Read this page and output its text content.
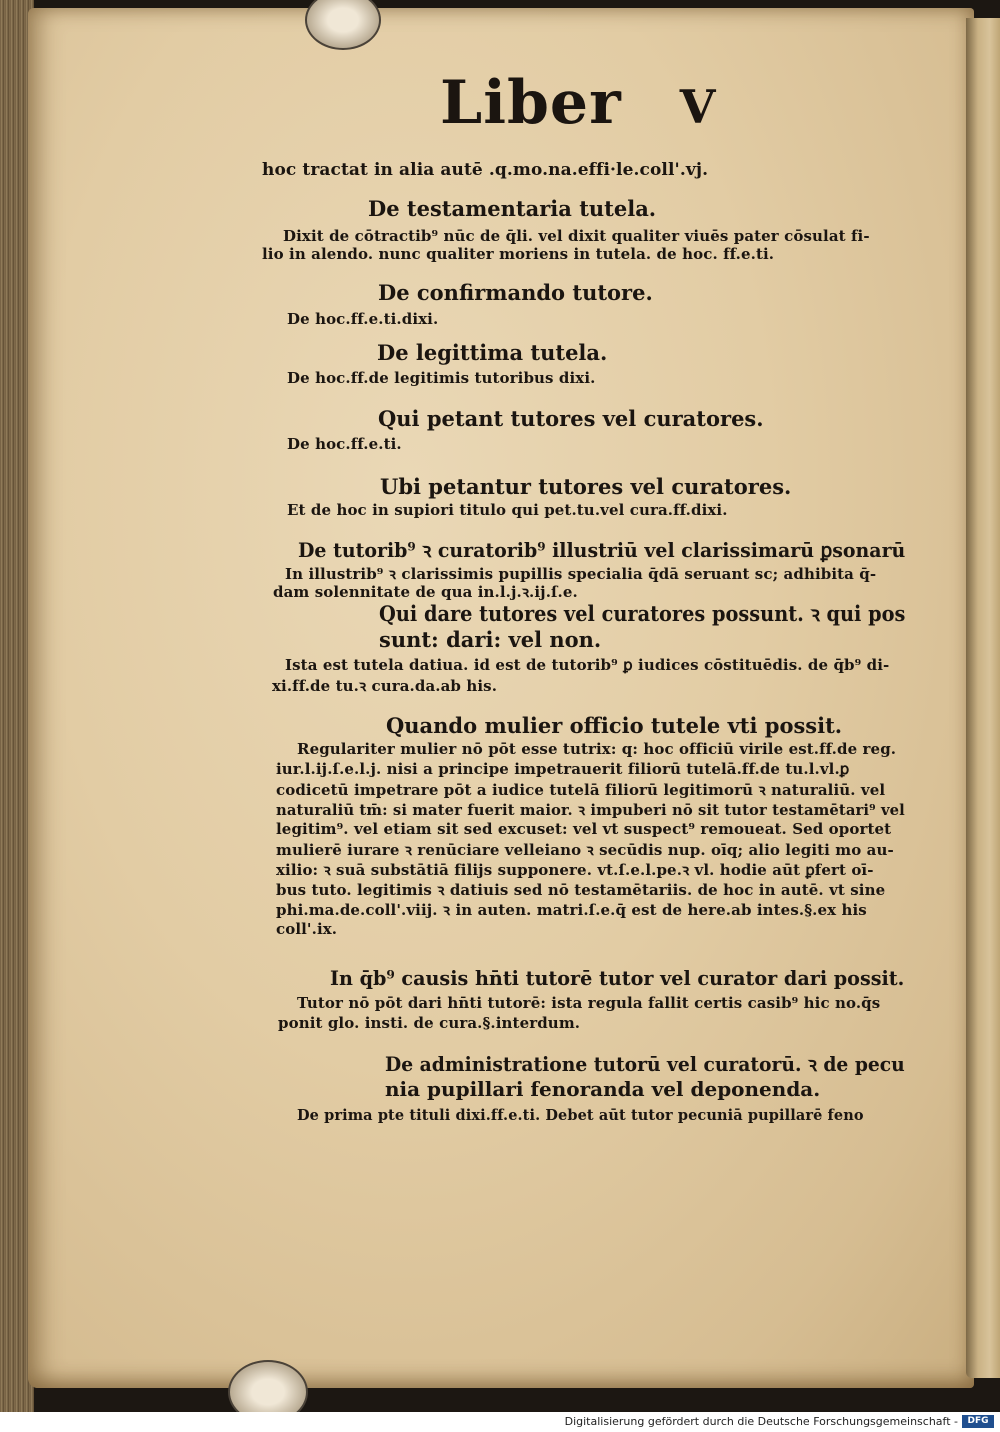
Liber V
hoc tractat in alia autē .q.mo.na.effi·le.coll'.vj.
De testamentaria tutela.
Dixit de cōtractib⁹ nūc de q̄li. vel dixit qualiter viuēs pater cōsulat fi-
lio in alendo. nunc qualiter moriens in tutela. de hoc. ff.e.ti.
De confirmando tutore.
De hoc.ff.e.ti.dixi.
De legittima tutela.
De hoc.ff.de legitimis tutoribus dixi.
Qui petant tutores vel curatores.
De hoc.ff.e.ti.
Ubi petantur tutores vel curatores.
Et de hoc in supiori titulo qui pet.tu.vel cura.ff.dixi.
De tutorib⁹ ꝛ curatorib⁹ illustriū vel clarissimarū ꝑsonarū
In illustrib⁹ ꝛ clarissimis pupillis specialia q̄dā seruant sc; adhibita q̄-
dam solennitate de qua in.l.j.ꝛ.ij.ſ.e.
Qui dare tutores vel curatores possunt. ꝛ qui pos
sunt: dari: vel non.
Ista est tutela datiua. id est de tutorib⁹ ꝑ iudices cōstituēdis. de q̄b⁹ di-
xi.ff.de tu.ꝛ cura.da.ab his.
Quando mulier officio tutele vti possit.
Regulariter mulier nō pōt esse tutrix: q: hoc officiū virile est.ff.de reg.
iur.l.ij.ſ.e.l.j. nisi a principe impetrauerit filiorū tutelā.ff.de tu.l.vl.ꝑ
codicetū impetrare pōt a iudice tutelā filiorū legitimorū ꝛ naturaliū. vel
naturaliū tm̄: si mater fuerit maior. ꝛ impuberi nō sit tutor testamētari⁹ vel
legitim⁹. vel etiam sit sed excuset: vel vt suspect⁹ remoueat. Sed oportet
mulierē iurare ꝛ renūciare velleiano ꝛ secūdis nup. oīq; alio legiti mo au-
xilio: ꝛ suā substātiā filijs supponere. vt.ſ.e.l.pe.ꝛ vl. hodie aūt ꝑfert oī-
bus tuto. legitimis ꝛ datiuis sed nō testamētariis. de hoc in autē. vt sine
phi.ma.de.coll'.viij. ꝛ in auten. matri.ſ.e.q̄ est de here.ab intes.§.ex his
coll'.ix.
In q̄b⁹ causis hn̄ti tutorē tutor vel curator dari possit.
Tutor nō pōt dari hn̄ti tutorē: ista regula fallit certis casib⁹ hic no.q̄s
ponit glo. insti. de cura.§.interdum.
De administratione tutorū vel curatorū. ꝛ de pecu
nia pupillari fenoranda vel deponenda.
De prima pte tituli dixi.ff.e.ti. Debet aūt tutor pecuniā pupillarē feno
Digitalisierung gefördert durch die Deutsche Forschungsgemeinschaft -	DFG
